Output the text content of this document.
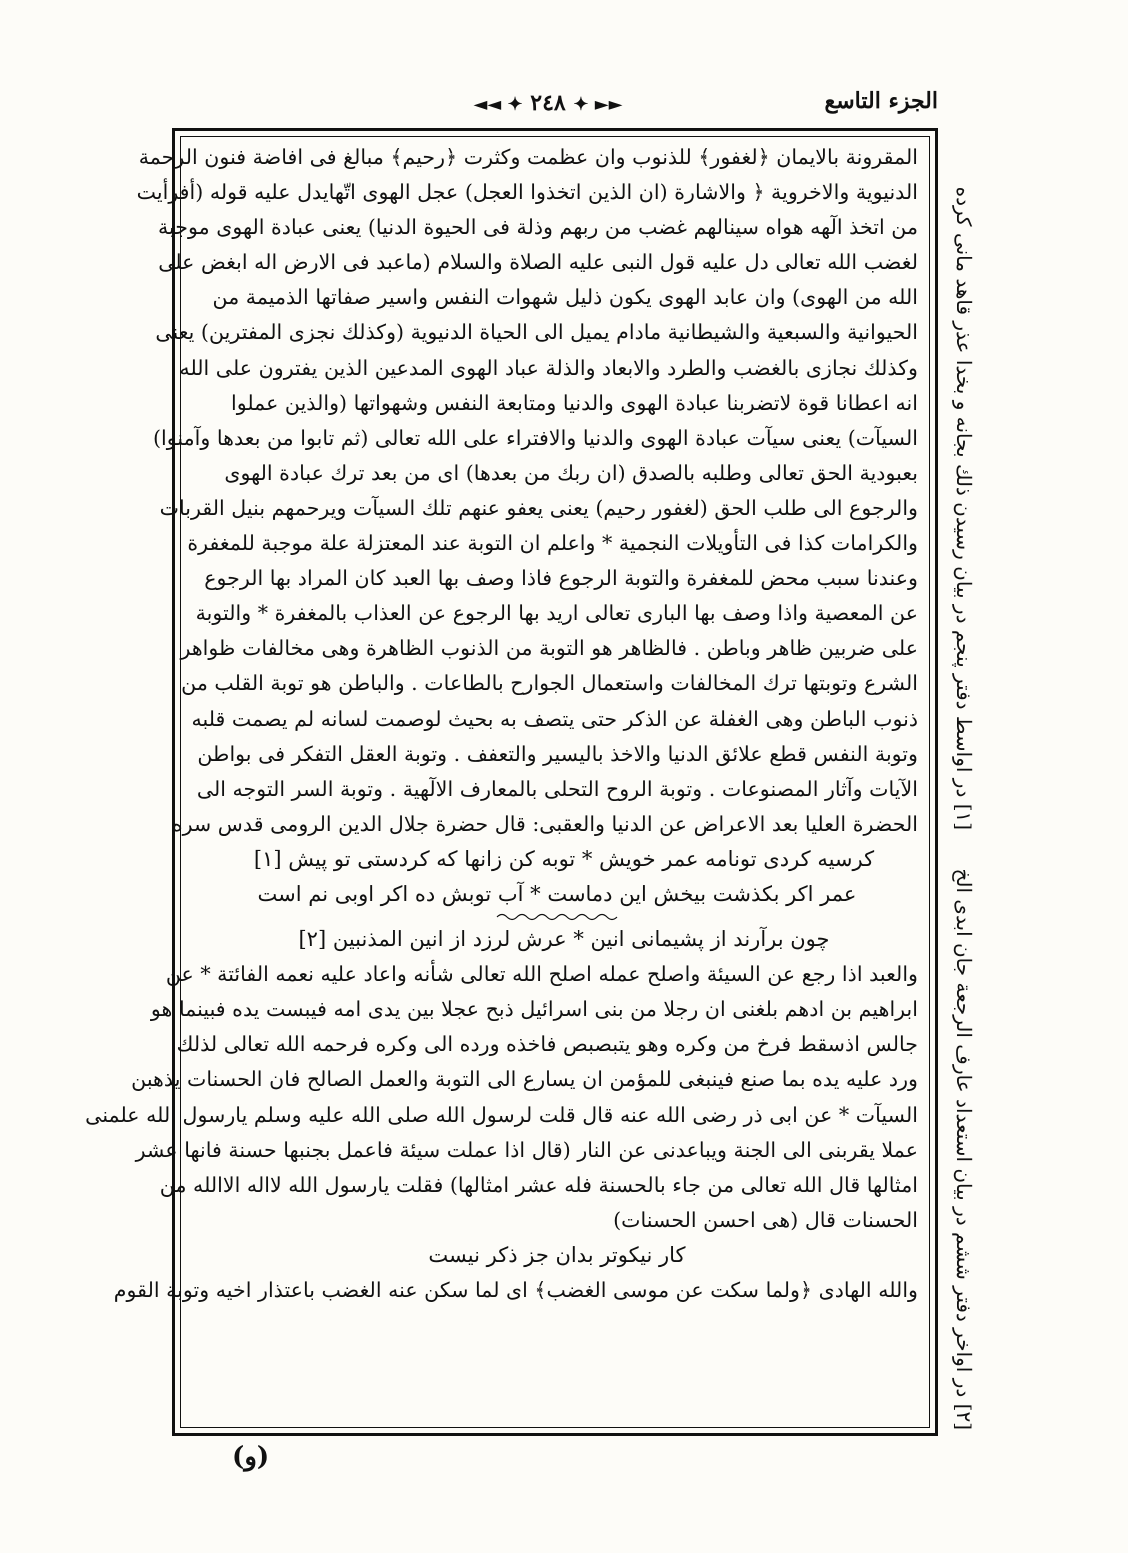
◄◄ ✦ ٢٤٨ ✦ ►►	الجزء التاسع
المقرونة بالايمان ﴿لغفور﴾ للذنوب وان عظمت وكثرت ﴿رحيم﴾ مبالغ فى افاضة فنون الرحمة
الدنيوية والاخروية ﴿ والاشارة (ان الذين اتخذوا العجل) عجل الهوى اتّهايدل عليه قوله (أفرأيت
من اتخذ الٓهه هواه سينالهم غضب من ربهم وذلة فى الحيوة الدنيا) يعنى عبادة الهوى موجبة
لغضب الله تعالى دل عليه قول النبى عليه الصلاة والسلام (ماعبد فى الارض اله ابغض على
الله من الهوى) وان عابد الهوى يكون ذليل شهوات النفس واسير صفاتها الذميمة من
الحيوانية والسبعية والشيطانية مادام يميل الى الحياة الدنيوية (وكذلك نجزى المفترين) يعنى
وكذلك نجازى بالغضب والطرد والابعاد والذلة عباد الهوى المدعين الذين يفترون على الله
انه اعطانا قوة لاتضربنا عبادة الهوى والدنيا ومتابعة النفس وشهواتها (والذين عملوا
السيآت) يعنى سيآت عبادة الهوى والدنيا والافتراء على الله تعالى (ثم تابوا من بعدها وآمنوا)
بعبودية الحق تعالى وطلبه بالصدق (ان ربك من بعدها) اى من بعد ترك عبادة الهوى
والرجوع الى طلب الحق (لغفور رحيم) يعنى يعفو عنهم تلك السيآت ويرحمهم بنيل القربات
والكرامات كذا فى التأويلات النجمية * واعلم ان التوبة عند المعتزلة علة موجبة للمغفرة
وعندنا سبب محض للمغفرة والتوبة الرجوع فاذا وصف بها العبد كان المراد بها الرجوع
عن المعصية واذا وصف بها البارى تعالى اريد بها الرجوع عن العذاب بالمغفرة * والتوبة
على ضربين ظاهر وباطن . فالظاهر هو التوبة من الذنوب الظاهرة وهى مخالفات ظواهر
الشرع وتوبتها ترك المخالفات واستعمال الجوارح بالطاعات . والباطن هو توبة القلب من
ذنوب الباطن وهى الغفلة عن الذكر حتى يتصف به بحيث لوصمت لسانه لم يصمت قلبه
وتوبة النفس قطع علائق الدنيا والاخذ باليسير والتعفف . وتوبة العقل التفكر فى بواطن
الآيات وآثار المصنوعات . وتوبة الروح التحلى بالمعارف الالٓهية . وتوبة السر التوجه الى
الحضرة العليا بعد الاعراض عن الدنيا والعقبى: قال حضرة جلال الدين الرومى قدس سره
كرسيه كردى تونامه عمر خويش * توبه كن زانها كه كردستى تو پيش [١]
عمر اكر بكذشت بيخش اين دماست * آب توبش ده اكر اوبى نم است
چون برآرند از پشيمانى انين * عرش لرزد از انين المذنبين [٢]
والعبد اذا رجع عن السيئة واصلح عمله اصلح الله تعالى شأنه واعاد عليه نعمه الفائتة * عن
ابراهيم بن ادهم بلغنى ان رجلا من بنى اسرائيل ذبح عجلا بين يدى امه فيبست يده فبينما هو
جالس اذسقط فرخ من وكره وهو يتبصبص فاخذه ورده الى وكره فرحمه الله تعالى لذلك
ورد عليه يده بما صنع فينبغى للمؤمن ان يسارع الى التوبة والعمل الصالح فان الحسنات يذهبن
السيآت * عن ابى ذر رضى الله عنه قال قلت لرسول الله صلى الله عليه وسلم يارسول الله علمنى
عملا يقربنى الى الجنة ويباعدنى عن النار (قال اذا عملت سيئة فاعمل بجنبها حسنة فانها عشر
امثالها قال الله تعالى من جاء بالحسنة فله عشر امثالها) فقلت يارسول الله لااله الاالله من
الحسنات قال (هى احسن الحسنات)
كار نيكوتر بدان جز ذكر نيست
والله الهادى ﴿ولما سكت عن موسى الغضب﴾ اى لما سكن عنه الغضب باعتذار اخيه وتوبة القوم	[٢] در اواخر دفتر ششم در بيان استعداد عارف الرجعة جان ابدى الخ [١] در اواسط دفتر پنجم در بيان رسيدن ذلك بجانه و بخدا عذر قاهد مانى كرده
(و)
